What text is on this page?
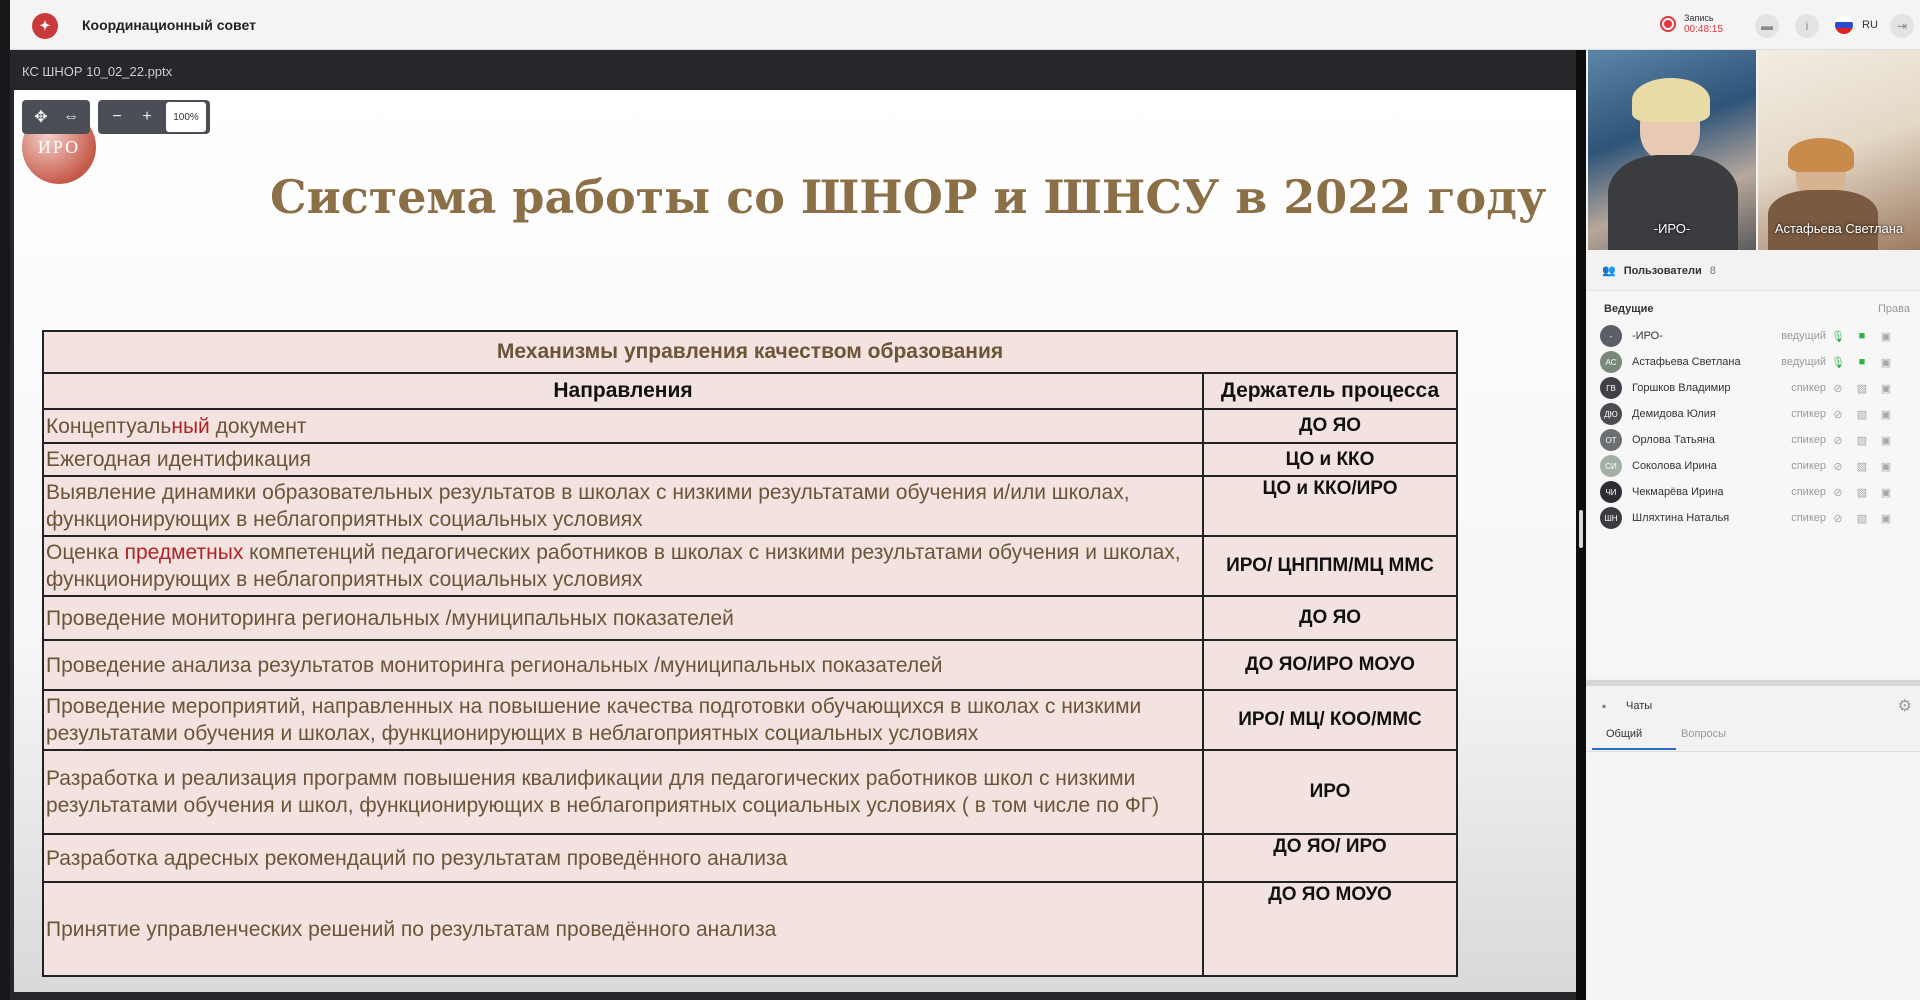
✦	Координационный совет	Запись
00:48:15	▬	i	RU	⇥
КС ШНОР 10_02_22.pptx
ИРО
✥ ⇔	−	+	100%
Система работы со ШНОР и ШНСУ в 2022 году
Механизмы управления качеством образования	
Направления	Держатель процесса
Концептуальный документ	ДО ЯО
Ежегодная идентификация	ЦО и ККО
Выявление динамики образовательных результатов в школах с низкими результатами обучения и/или школах, функционирующих в неблагоприятных социальных условиях	ЦО и ККО/ИРО
Оценка предметных компетенций педагогических работников в школах с низкими результатами обучения и школах, функционирующих в неблагоприятных социальных условиях	ИРО/ ЦНППМ/МЦ ММС
Проведение мониторинга региональных /муниципальных показателей	ДО ЯО
Проведение анализа результатов мониторинга региональных /муниципальных показателей	ДО ЯО/ИРО МОУО
Проведение мероприятий, направленных на повышение качества подготовки обучающихся в школах с низкими результатами обучения и школах, функционирующих в неблагоприятных социальных условиях	ИРО/ МЦ/ КОО/ММС
Разработка и реализация программ повышения квалификации для педагогических работников школ с низкими результатами обучения и школ, функционирующих в неблагоприятных социальных условиях ( в том числе по ФГ)	ИРО
Разработка адресных рекомендаций по результатам проведённого анализа	ДО ЯО/ ИРО
Принятие управленческих решений по результатам проведённого анализа	ДО ЯО МОУО
-ИРО-	Астафьева Светлана
👥 Пользователи 8
Ведущие	Права
-	-ИРО-	ведущий 🎙	■	▣
АС	Астафьева Светлана	ведущий 🎙	■	▣
ГВ	Горшков Владимир	спикер ⊘	▧	▣
ДЮ	Демидова Юлия	спикер ⊘	▧	▣
ОТ	Орлова Татьяна	спикер ⊘	▧	▣
СИ	Соколова Ирина	спикер ⊘	▧	▣
ЧИ	Чекмарёва Ирина	спикер ⊘	▧	▣
ШН	Шляхтина Наталья	спикер ⊘	▧	▣
▪ Чаты	⚙
Общий	Вопросы
